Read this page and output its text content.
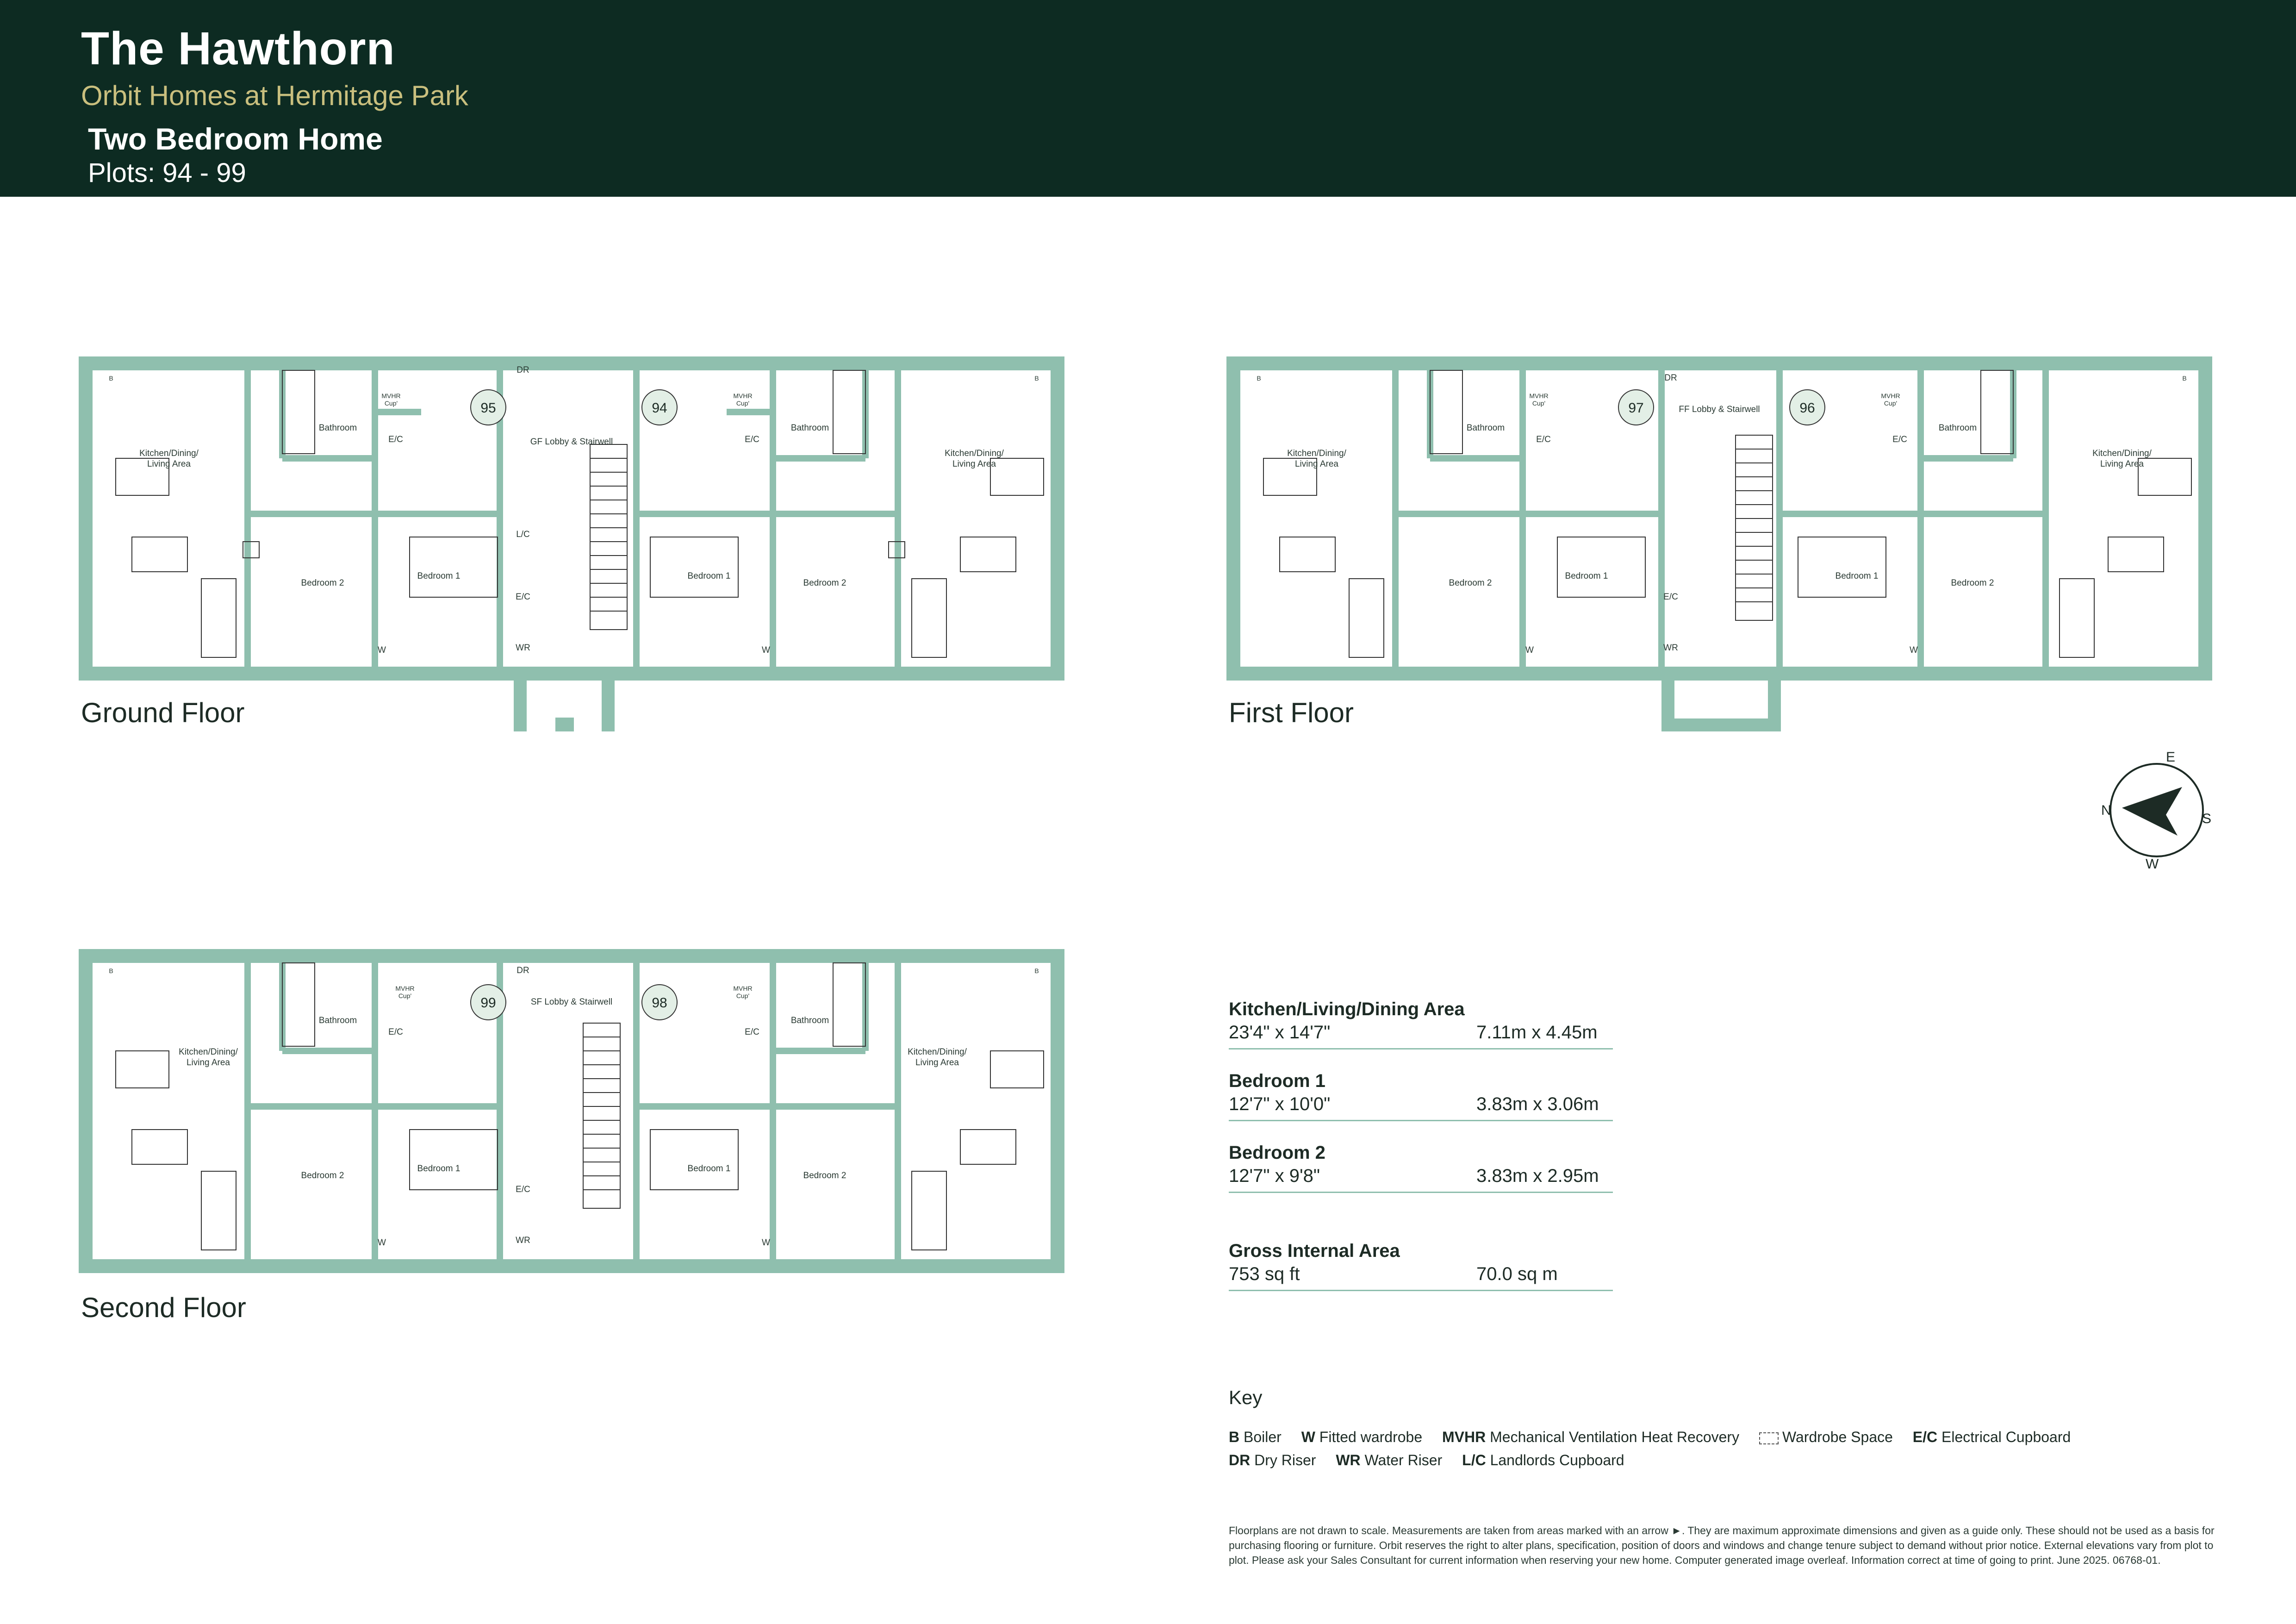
The Hawthorn
Orbit Homes at Hermitage Park
Two Bedroom Home
Plots: 94 - 99
95	94
Kitchen/Dining/
Living Area
Kitchen/Dining/
Living Area
Bathroom	Bathroom
Bedroom 2
Bedroom 1	Bedroom 1
Bedroom 2
GF Lobby & Stairwell
MVHR
Cup'
MVHR
Cup'
E/C	E/C
L/C
E/C
WR
DR
W	W
B	B
Ground Floor
97	96
Kitchen/Dining/
Living Area
Kitchen/Dining/
Living Area
Bathroom	Bathroom
Bedroom 2
Bedroom 1	Bedroom 1
Bedroom 2
FF Lobby & Stairwell
MVHR
Cup'
MVHR
Cup'
E/C	E/C
E/C
WR
DR
W	W
B	B
First Floor
99	98
Kitchen/Dining/
Living Area
Kitchen/Dining/
Living Area
Bathroom	Bathroom
Bedroom 2
Bedroom 1	Bedroom 1
Bedroom 2
SF Lobby & Stairwell
MVHR
Cup'
MVHR
Cup'
E/C	E/C
E/C
WR
DR
W	W
B	B
Second Floor
E
N
S
W
Kitchen/Living/Dining Area
23'4" x 14'7"	7.11m x 4.45m
Bedroom 1
12'7" x 10'0"	3.83m x 3.06m
Bedroom 2
12'7" x 9'8"	3.83m x 2.95m
Gross Internal Area
753 sq ft	70.0 sq m
Key
B Boiler W Fitted wardrobe MVHR Mechanical Ventilation Heat Recovery	Wardrobe Space E/C Electrical Cupboard
DR Dry Riser WR Water Riser L/C Landlords Cupboard
Floorplans are not drawn to scale. Measurements are taken from areas marked with an arrow ►. They are maximum approximate dimensions and given as a guide only. These should not be used as a basis for purchasing flooring or furniture. Orbit reserves the right to alter plans, specification, position of doors and windows and change tenure subject to demand without prior notice. External elevations vary from plot to plot. Please ask your Sales Consultant for current information when reserving your new home. Computer generated image overleaf. Information correct at time of going to print. June 2025. 06768-01.
